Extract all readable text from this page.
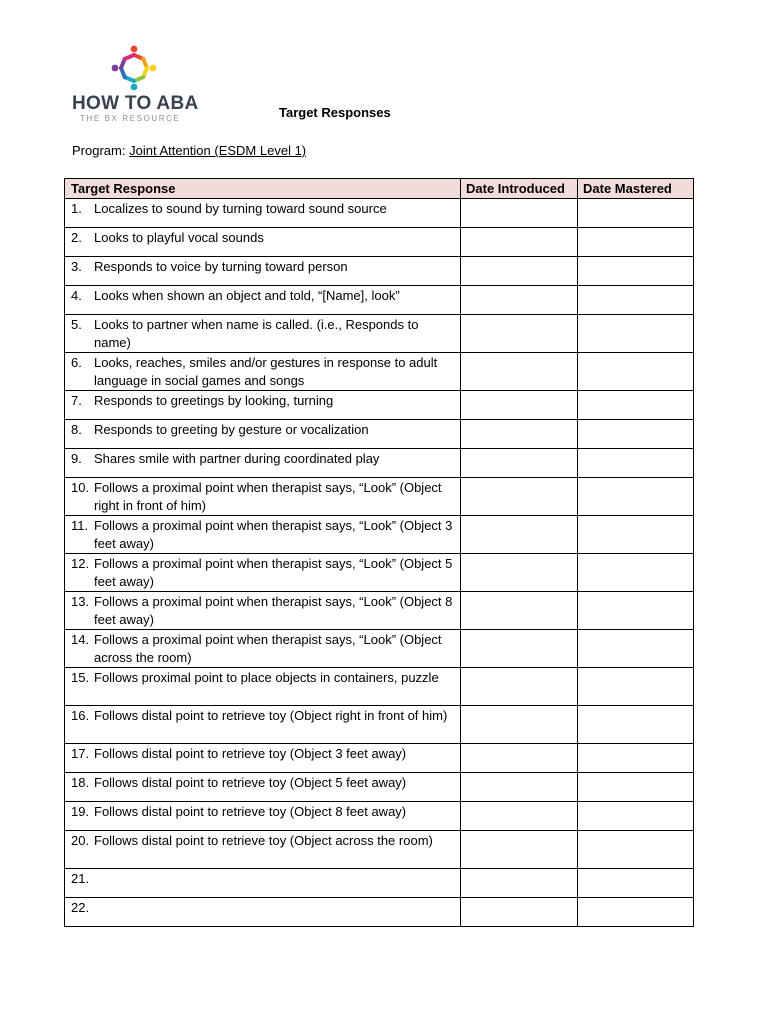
HOW TO ABA
THE BX RESOURCE	Target Responses
Program: Joint Attention (ESDM Level 1)
Target Response	Date Introduced	Date Mastered

1. Localizes to sound by turning toward sound source		

2. Looks to playful vocal sounds		

3. Responds to voice by turning toward person		

4. Looks when shown an object and told, “[Name], look”		

5. Looks to partner when name is called. (i.e., Responds to name)		

6. Looks, reaches, smiles and/or gestures in response to adult language in social games and songs		

7. Responds to greetings by looking, turning		

8. Responds to greeting by gesture or vocalization		

9. Shares smile with partner during coordinated play		

10. Follows a proximal point when therapist says, “Look” (Object right in front of him)		

11. Follows a proximal point when therapist says, “Look” (Object 3 feet away)		

12. Follows a proximal point when therapist says, “Look” (Object 5 feet away)		

13. Follows a proximal point when therapist says, “Look” (Object 8 feet away)		

14. Follows a proximal point when therapist says, “Look” (Object across the room)		

15. Follows proximal point to place objects in containers, puzzle		

16. Follows distal point to retrieve toy (Object right in front of him)		

17. Follows distal point to retrieve toy (Object 3 feet away)		

18. Follows distal point to retrieve toy (Object 5 feet away)		

19. Follows distal point to retrieve toy (Object 8 feet away)		

20. Follows distal point to retrieve toy (Object across the room)		

21.		

22.		
